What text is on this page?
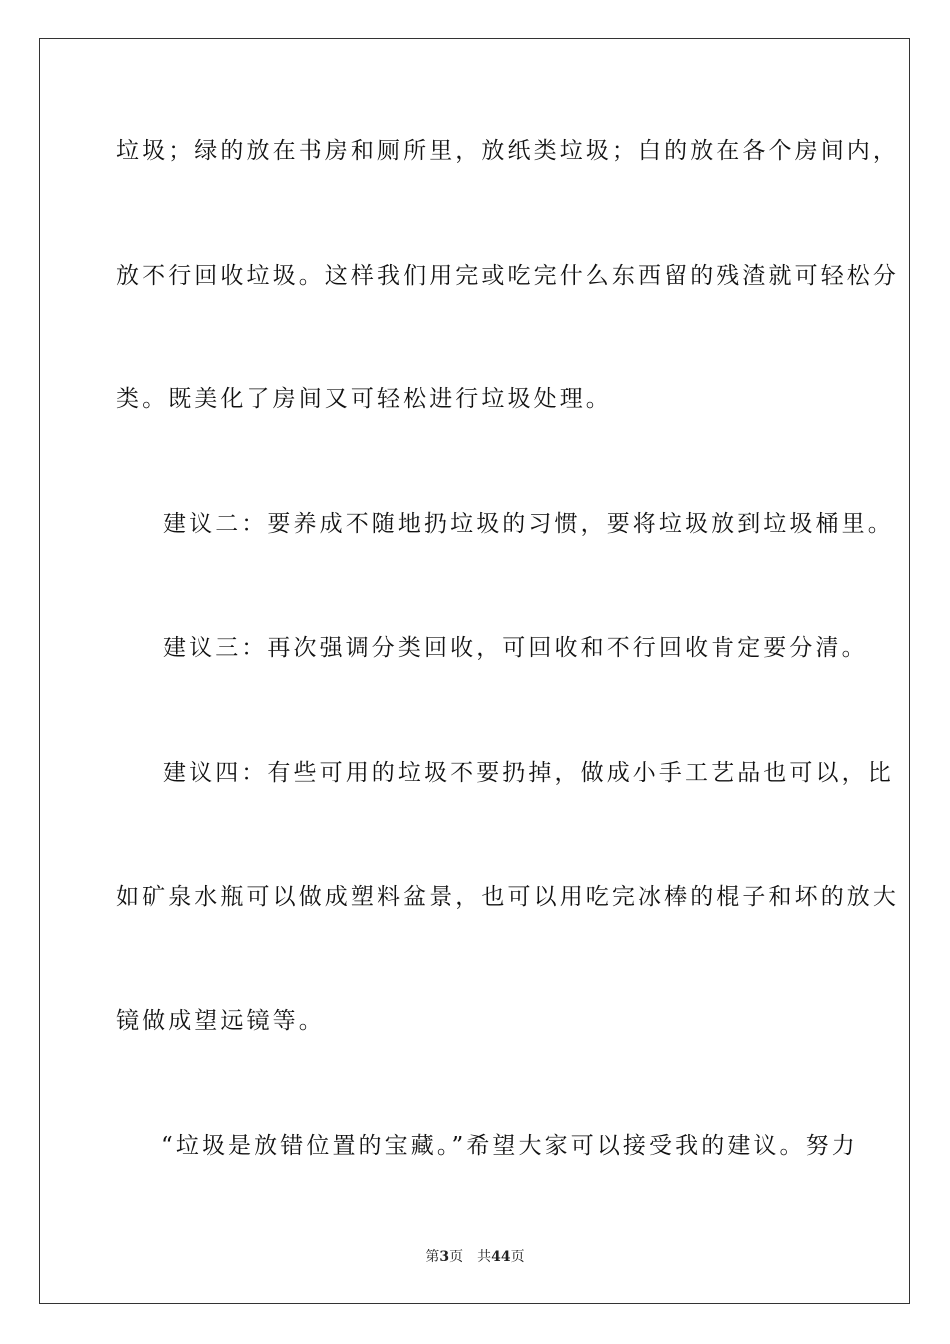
垃圾；绿的放在书房和厕所里，放纸类垃圾；白的放在各个房间内，
放不行回收垃圾。这样我们用完或吃完什么东西留的残渣就可轻松分
类。既美化了房间又可轻松进行垃圾处理。
建议二：要养成不随地扔垃圾的习惯，要将垃圾放到垃圾桶里。
建议三：再次强调分类回收，可回收和不行回收肯定要分清。
建议四：有些可用的垃圾不要扔掉，做成小手工艺品也可以，比
如矿泉水瓶可以做成塑料盆景，也可以用吃完冰棒的棍子和坏的放大
镜做成望远镜等。
“垃圾是放错位置的宝藏。”希望大家可以接受我的建议。努力
第3页 共44页
